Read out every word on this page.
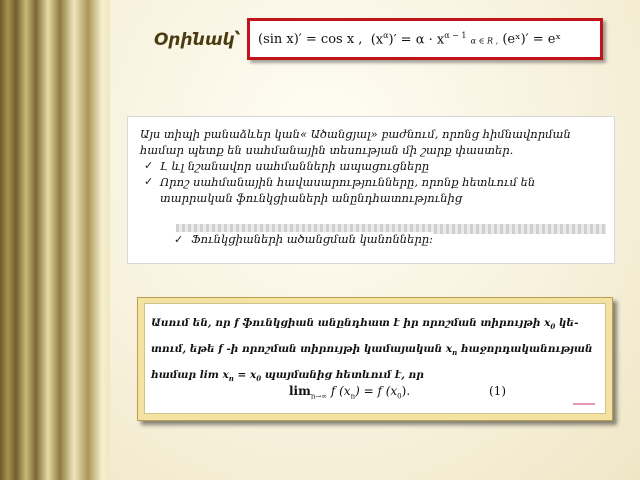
Օրինակ՝ (sin x)′ = cos x ,
$(x^\alpha)' = \alpha \cdot x^{\alpha - 1}$ α ∈ R ,
(eˣ)′ = eˣ

Այս տիպի բանաձևեր կան« Ածանցյալ» բաժնում, որոնց հիմնավորման համար պետք են սահմանային տեսության մի շարք փաստեր.

✓ Լ ևլ նշանավոր սահմանների ապացուցները
✓ Որոշ սահմանային հավասարությունները, որոնք հետևում են տարրական ֆունկցիաների անընդհատությունից
✓ Ֆունկցիաների ածանցման կանոնները:

Ասում են, որ f ֆունկցիան անընդհատ է իր որոշման տիրույթի $x_0$ կե-
տում, եթե f -ի որոշման տիրույթի կամայական $x_n$ հաջորդականության
համար $\lim x_n = x_0$ պայմանից հետևում է, որ

$\lim_{n\to\infty} f$ $(x_n) = f$ $(x_0)$.	(1)
